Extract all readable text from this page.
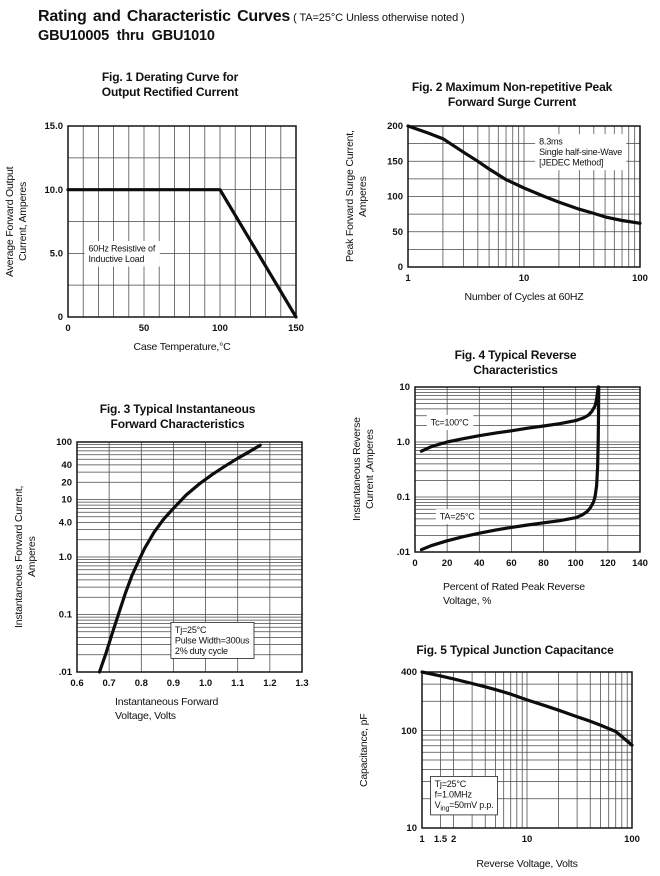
Rating and Characteristic Curves ( TA=25°C Unless otherwise noted )
GBU10005  thru  GBU1010
Fig. 1 Derating Curve for
Output Rectified Current
Average Forward Output
Current, Amperes	60Hz Resistive of
Inductive Load
0	50	100	150
0
5.0
10.0
15.0
Case Temperature,°C
Fig. 2 Maximum Non-repetitive Peak
Forward Surge Current
Peak Forward Surge Current,
Amperes
8.3ms
Single half-sine-Wave
[JEDEC Method]
1	10	100
0
50
100
150
200
Number of Cycles at 60HZ
Fig. 3 Typical Instantaneous
Forward Characteristics
Instantaneous Forward Current,
Amperes
Tj=25°C
Pulse Width=300us
2% duty cycle
0.6 0.7 0.8 0.9 1.0 1.1 1.2 1.3
.01
0.1
1.0
4.0
10
20
40
100
Instantaneous Forward
Voltage, Volts
Fig. 4 Typical Reverse
Characteristics
Instantaneous Reverse
Current ,Amperes
Tc=100°C
TA=25°C
0	20 40 60 80 100 120 140
.01
0.1
1.0
10
Percent of Rated Peak Reverse
Voltage, %
Fig. 5 Typical Junction Capacitance
Capacitance, pF	Tj=25°C
f=1.0MHz
$V_{ing}=50mV$ p.p.
1 1.5 2	10	100
10
100
400
Reverse Voltage, Volts
